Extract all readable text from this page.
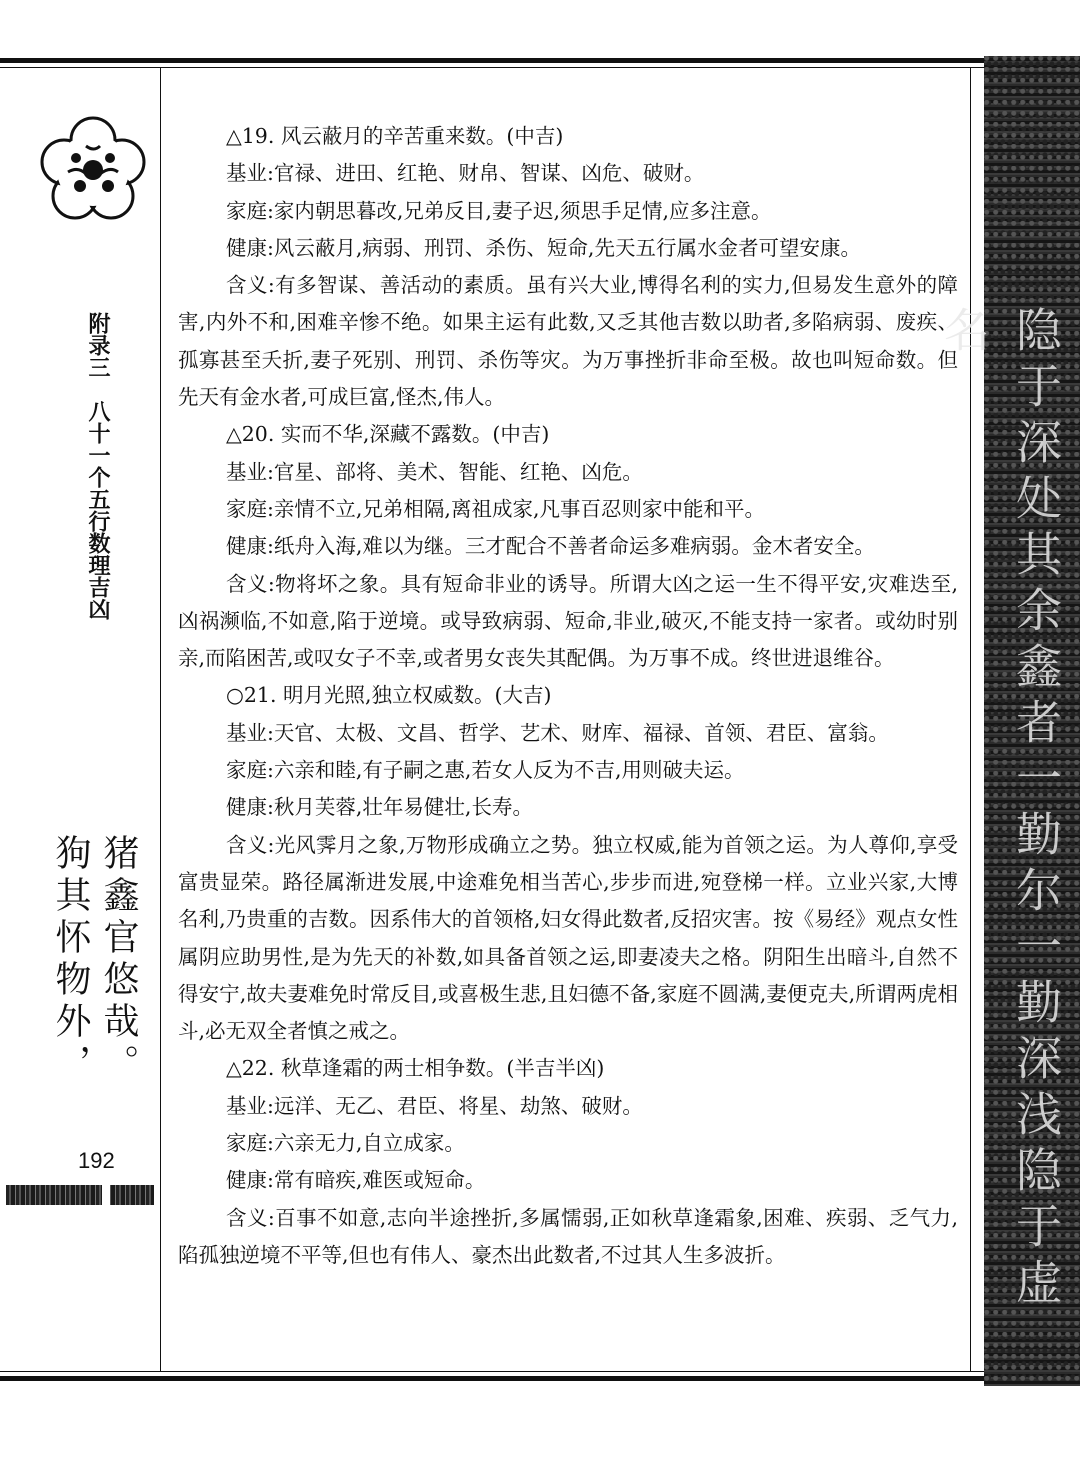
附录三　八十一个五行数理吉凶
猪鑫官悠哉。
狗其怀物外，
192	隐于深处其余鑫者一勤尔一勤深浅隐于虚名

△19. 风云蔽月的辛苦重来数。(中吉)

基业:官禄、进田、红艳、财帛、智谋、凶危、破财。

家庭:家内朝思暮改,兄弟反目,妻子迟,须思手足情,应多注意。

健康:风云蔽月,病弱、刑罚、杀伤、短命,先天五行属水金者可望安康。

含义:有多智谋、善活动的素质。虽有兴大业,博得名利的实力,但易发生意外的障害,内外不和,困难辛惨不绝。如果主运有此数,又乏其他吉数以助者,多陷病弱、废疾、孤寡甚至夭折,妻子死别、刑罚、杀伤等灾。为万事挫折非命至极。故也叫短命数。但先天有金水者,可成巨富,怪杰,伟人。

△20. 实而不华,深藏不露数。(中吉)

基业:官星、部将、美术、智能、红艳、凶危。

家庭:亲情不立,兄弟相隔,离祖成家,凡事百忍则家中能和平。

健康:纸舟入海,难以为继。三才配合不善者命运多难病弱。金木者安全。

含义:物将坏之象。具有短命非业的诱导。所谓大凶之运一生不得平安,灾难迭至,凶祸濒临,不如意,陷于逆境。或导致病弱、短命,非业,破灭,不能支持一家者。或幼时别亲,而陷困苦,或叹女子不幸,或者男女丧失其配偶。为万事不成。终世进退维谷。

○21. 明月光照,独立权威数。(大吉)

基业:天官、太极、文昌、哲学、艺术、财库、福禄、首领、君臣、富翁。

家庭:六亲和睦,有子嗣之惠,若女人反为不吉,用则破夫运。

健康:秋月芙蓉,壮年易健壮,长寿。

含义:光风霁月之象,万物形成确立之势。独立权威,能为首领之运。为人尊仰,享受富贵显荣。路径属渐进发展,中途难免相当苦心,步步而进,宛登梯一样。立业兴家,大博名利,乃贵重的吉数。因系伟大的首领格,妇女得此数者,反招灾害。按《易经》观点女性属阴应助男性,是为先天的补数,如具备首领之运,即妻凌夫之格。阴阳生出暗斗,自然不得安宁,故夫妻难免时常反目,或喜极生悲,且妇德不备,家庭不圆满,妻便克夫,所谓两虎相斗,必无双全者慎之戒之。

△22. 秋草逢霜的两士相争数。(半吉半凶)

基业:远洋、无乙、君臣、将星、劫煞、破财。

家庭:六亲无力,自立成家。

健康:常有暗疾,难医或短命。

含义:百事不如意,志向半途挫折,多属懦弱,正如秋草逢霜象,困难、疾弱、乏气力,陷孤独逆境不平等,但也有伟人、豪杰出此数者,不过其人生多波折。
